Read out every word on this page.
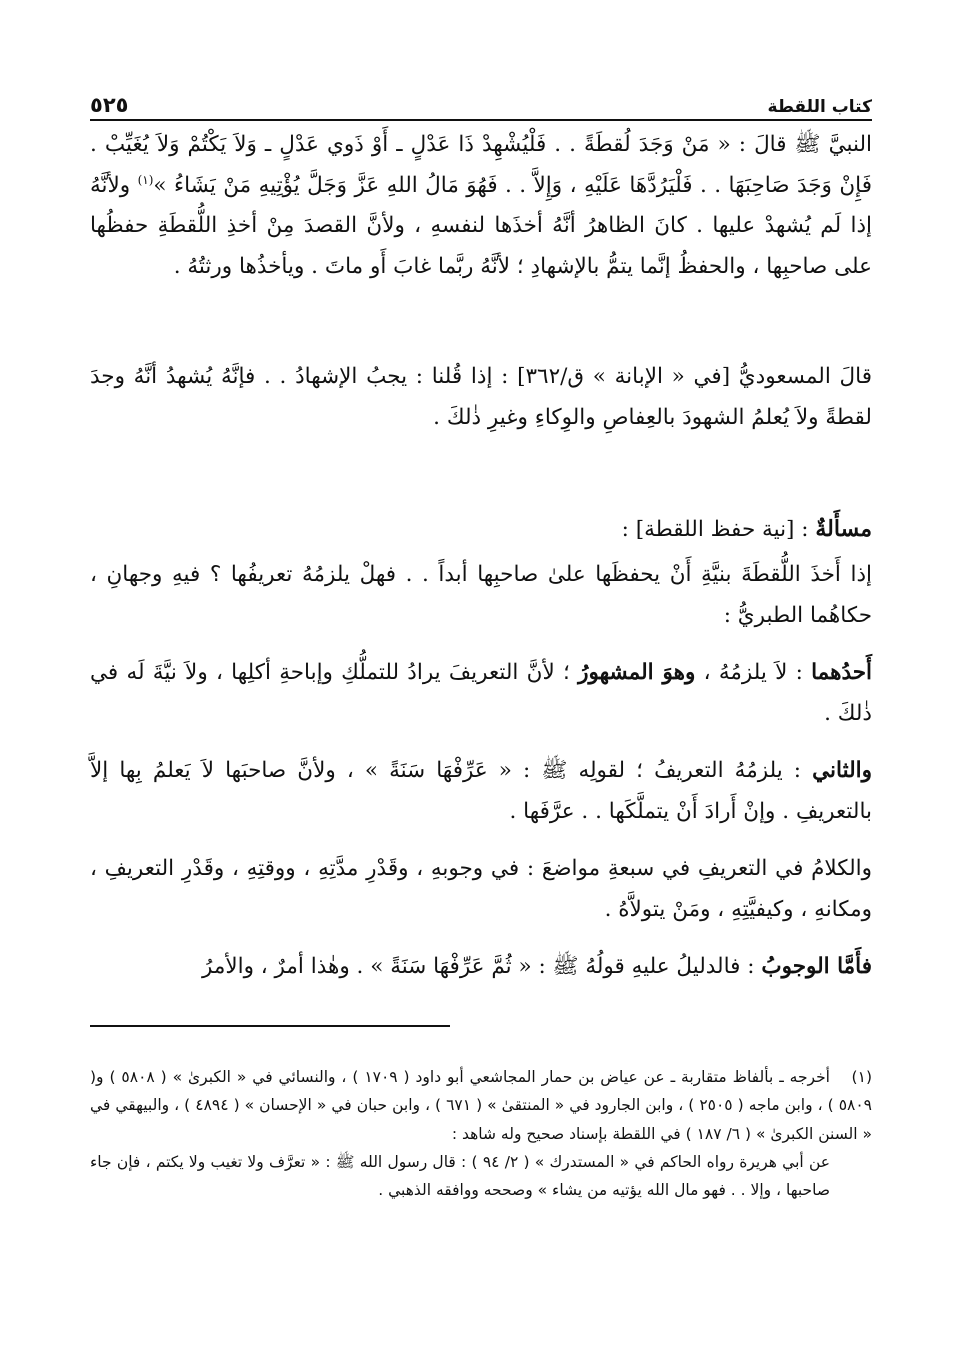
كتاب اللقطة
٥٢٥

النبيَّ ﷺ قالَ : « مَنْ وَجَدَ لُقطَةً . . فَلْيُشْهِدْ ذَا عَدْلٍ ـ أَوْ ذَوي عَدْلٍ ـ وَلاَ يَكْتُمْ وَلاَ يُغَيِّبْ . فَإِنْ وَجَدَ صَاحِبَهَا . . فَلْيَرُدَّهَا عَلَيْهِ ، وَإِلاَّ . . فَهُوَ مَالُ اللهِ عَزَّ وَجَلَّ يُؤْتِيهِ مَنْ يَشَاءُ »$^{(١)}$ ولأنَّهُ إذا لَم يُشهدْ عليها . كانَ الظاهرُ أنَّهُ أخذَها لنفسهِ ، ولأنَّ القصدَ مِنْ أخذِ اللُّقطَةِ حفظُها على صاحبِها ، والحفظُ إنَّما يتمُّ بالإشهادِ ؛ لأنَّهُ ربَّما غابَ أَو ماتَ . ويأخذُها ورثتُهُ .

قالَ المسعوديُّ [في « الإبانة » ق/٣٦٢] : إذا قُلنا : يجبُ الإشهادُ . . فإنَّهُ يُشهدُ أنَّهُ وجدَ لقطةً ولاَ يُعلمُ الشهودَ بالعِفاصِ والوِكاءِ وغيرِ ذٰلكَ .

مسأَلةٌ : [نية حفظ اللقطة] :

إذا أَخذَ اللُّقطَةَ بنيَّةِ أَنْ يحفظَها علىٰ صاحبِها أبداً . . فهلْ يلزمُهُ تعريفُها ؟ فيهِ وجهانِ ، حكاهُما الطبريُّ :

أَحدُهما : لاَ يلزمُهُ ، وهوَ المشهورُ ؛ لأنَّ التعريفَ يرادُ للتملُّكِ وإباحةِ أكلِها ، ولاَ نيَّةَ لَه في ذٰلكَ .

والثاني : يلزمُهُ التعريفُ ؛ لقولِه ﷺ : « عَرِّفْهَا سَنَةً » ، ولأنَّ صاحبَها لاَ يَعلمُ بِها إلاَّ بالتعريفِ . وإنْ أَرادَ أَنْ يتملَّكَها . . عرَّفَها .

والكلامُ في التعريفِ في سبعةِ مواضعَ : في وجوبهِ ، وقَدْرِ مدَّتِهِ ، ووقتِهِ ، وقَدْرِ التعريفِ ، ومكانهِ ، وكيفيَّتِهِ ، ومَنْ يتولاَّهُ .

فأَمَّا الوجوبُ : فالدليلُ عليهِ قولُهُ ﷺ : « ثُمَّ عَرِّفْهَا سَنَةً » . وهٰذا أمرٌ ، والأمرُ

(١)أخرجه ـ بألفاظ متقاربة ـ عن عياض بن حمار المجاشعي أبو داود ( ١٧٠٩ ) ، والنسائي في « الكبرىٰ » ( ٥٨٠٨ ) و( ٥٨٠٩ ) ، وابن ماجه ( ٢٥٠٥ ) ، وابن الجارود في « المنتقىٰ » ( ٦٧١ ) ، وابن حبان في « الإحسان » ( ٤٨٩٤ ) ، والبيهقي في « السنن الكبرىٰ » ( ٦/ ١٨٧ ) في اللقطة بإسناد صحيح وله شاهد :

عن أبي هريرة رواه الحاكم في « المستدرك » ( ٢/ ٩٤ ) : قال رسول الله ﷺ : « تعرَّف ولا تغيب ولا يكتم ، فإن جاء صاحبها ، وإلا . . فهو مال الله يؤتيه من يشاء » وصححه ووافقه الذهبي .
